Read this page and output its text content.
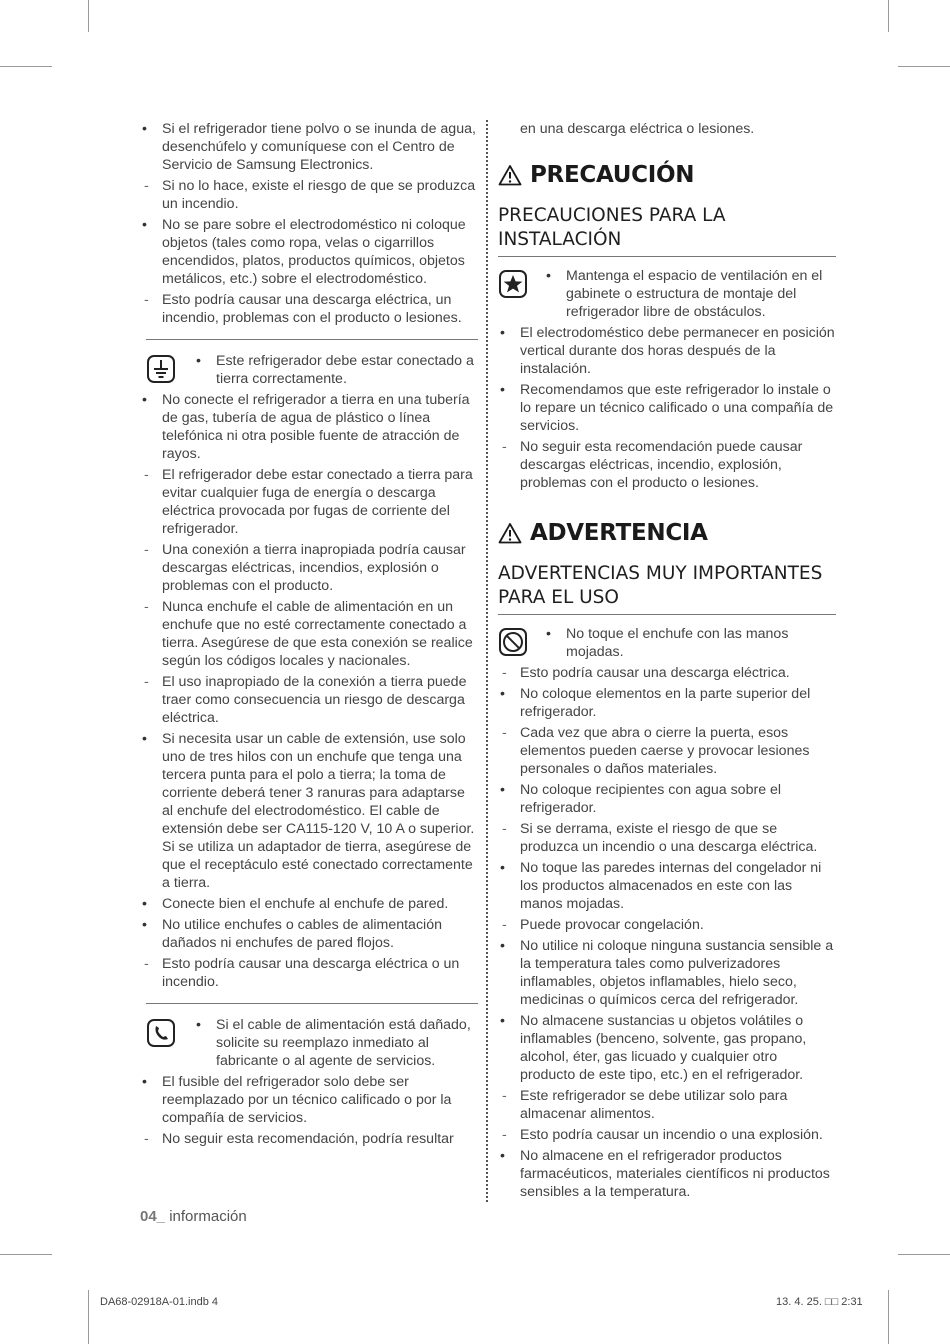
• Si el refrigerador tiene polvo o se inunda de agua, desenchúfelo y comuníquese con el Centro de Servicio de Samsung Electronics.
- Si no lo hace, existe el riesgo de que se produzca un incendio.
• No se pare sobre el electrodoméstico ni coloque objetos (tales como ropa, velas o cigarrillos encendidos, platos, productos químicos, objetos metálicos, etc.) sobre el electrodoméstico.
- Esto podría causar una descarga eléctrica, un incendio, problemas con el producto o lesiones.
• Este refrigerador debe estar conectado a tierra correctamente.
• No conecte el refrigerador a tierra en una tubería de gas, tubería de agua de plástico o línea telefónica ni otra posible fuente de atracción de rayos.
- El refrigerador debe estar conectado a tierra para evitar cualquier fuga de energía o descarga eléctrica provocada por fugas de corriente del refrigerador.
- Una conexión a tierra inapropiada podría causar descargas eléctricas, incendios, explosión o problemas con el producto.
- Nunca enchufe el cable de alimentación en un enchufe que no esté correctamente conectado a tierra. Asegúrese de que esta conexión se realice según los códigos locales y nacionales.
- El uso inapropiado de la conexión a tierra puede traer como consecuencia un riesgo de descarga eléctrica.
• Si necesita usar un cable de extensión, use solo uno de tres hilos con un enchufe que tenga una tercera punta para el polo a tierra; la toma de corriente deberá tener 3 ranuras para adaptarse al enchufe del electrodoméstico. El cable de extensión debe ser CA115-120 V, 10 A o superior. Si se utiliza un adaptador de tierra, asegúrese de que el receptáculo esté conectado correctamente a tierra.
• Conecte bien el enchufe al enchufe de pared.
• No utilice enchufes o cables de alimentación dañados ni enchufes de pared flojos.
- Esto podría causar una descarga eléctrica o un incendio.
• Si el cable de alimentación está dañado, solicite su reemplazo inmediato al fabricante o al agente de servicios.
• El fusible del refrigerador solo debe ser reemplazado por un técnico calificado o por la compañía de servicios.
- No seguir esta recomendación, podría resultar
en una descarga eléctrica o lesiones.
PRECAUCIÓN
PRECAUCIONES PARA LA INSTALACIÓN
• Mantenga el espacio de ventilación en el gabinete o estructura de montaje del refrigerador libre de obstáculos.
• El electrodoméstico debe permanecer en posición vertical durante dos horas después de la instalación.
• Recomendamos que este refrigerador lo instale o lo repare un técnico calificado o una compañía de servicios.
- No seguir esta recomendación puede causar descargas eléctricas, incendio, explosión, problemas con el producto o lesiones.
ADVERTENCIA
ADVERTENCIAS MUY IMPORTANTES PARA EL USO
• No toque el enchufe con las manos mojadas.
- Esto podría causar una descarga eléctrica.
• No coloque elementos en la parte superior del refrigerador.
- Cada vez que abra o cierre la puerta, esos elementos pueden caerse y provocar lesiones personales o daños materiales.
• No coloque recipientes con agua sobre el refrigerador.
- Si se derrama, existe el riesgo de que se produzca un incendio o una descarga eléctrica.
• No toque las paredes internas del congelador ni los productos almacenados en este con las manos mojadas.
- Puede provocar congelación.
• No utilice ni coloque ninguna sustancia sensible a la temperatura tales como pulverizadores inflamables, objetos inflamables, hielo seco, medicinas o químicos cerca del refrigerador.
• No almacene sustancias u objetos volátiles o inflamables (benceno, solvente, gas propano, alcohol, éter, gas licuado y cualquier otro producto de este tipo, etc.) en el refrigerador.
- Este refrigerador se debe utilizar solo para almacenar alimentos.
- Esto podría causar un incendio o una explosión.
• No almacene en el refrigerador productos farmacéuticos, materiales científicos ni productos sensibles a la temperatura.
04_ información
DA68-02918A-01.indb 4	13. 4. 25. □□ 2:31
